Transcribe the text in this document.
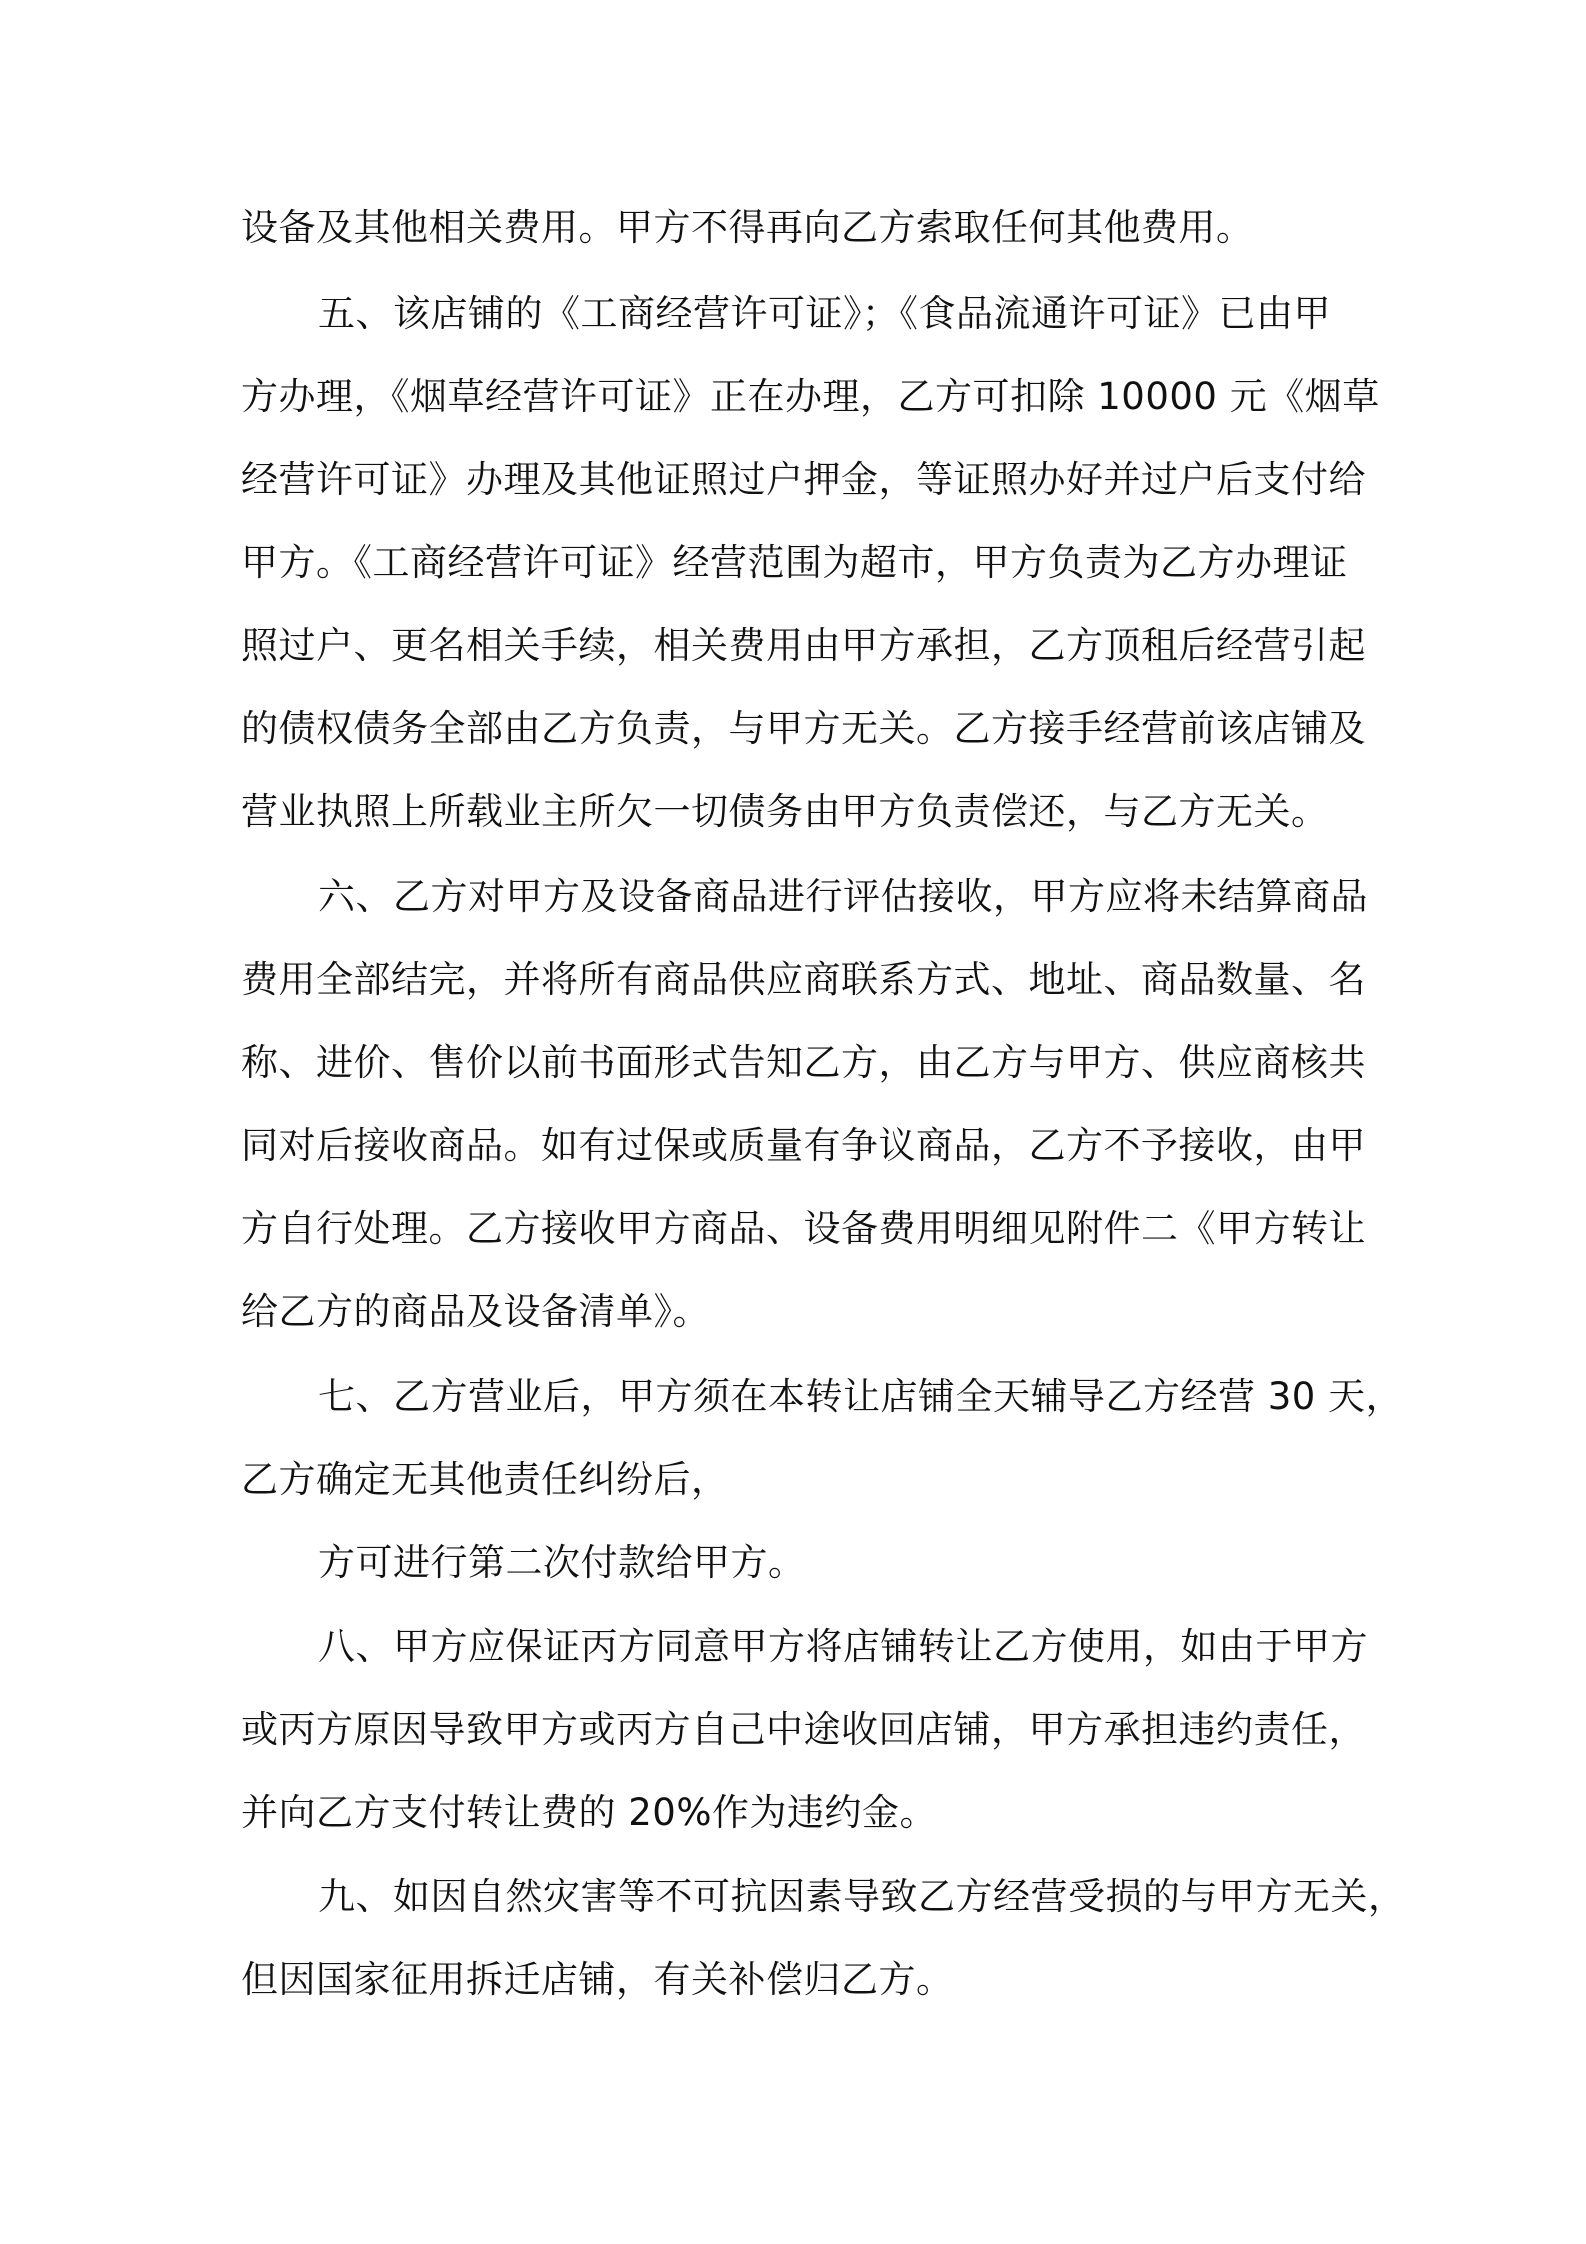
设备及其他相关费用。甲方不得再向乙方索取任何其他费用。
五、该店铺的《工商经营许可证》；《食品流通许可证》已由甲
方办理，《烟草经营许可证》正在办理，乙方可扣除 10000 元《烟草
经营许可证》办理及其他证照过户押金，等证照办好并过户后支付给
甲方。《工商经营许可证》经营范围为超市，甲方负责为乙方办理证
照过户、更名相关手续，相关费用由甲方承担，乙方顶租后经营引起
的债权债务全部由乙方负责，与甲方无关。乙方接手经营前该店铺及
营业执照上所载业主所欠一切债务由甲方负责偿还，与乙方无关。
六、乙方对甲方及设备商品进行评估接收，甲方应将未结算商品
费用全部结完，并将所有商品供应商联系方式、地址、商品数量、名
称、进价、售价以前书面形式告知乙方，由乙方与甲方、供应商核共
同对后接收商品。如有过保或质量有争议商品，乙方不予接收，由甲
方自行处理。乙方接收甲方商品、设备费用明细见附件二《甲方转让
给乙方的商品及设备清单》。
七、乙方营业后，甲方须在本转让店铺全天辅导乙方经营 30 天，
乙方确定无其他责任纠纷后，
方可进行第二次付款给甲方。
八、甲方应保证丙方同意甲方将店铺转让乙方使用，如由于甲方
或丙方原因导致甲方或丙方自己中途收回店铺，甲方承担违约责任，
并向乙方支付转让费的 20%作为违约金。
九、如因自然灾害等不可抗因素导致乙方经营受损的与甲方无关，
但因国家征用拆迁店铺，有关补偿归乙方。
